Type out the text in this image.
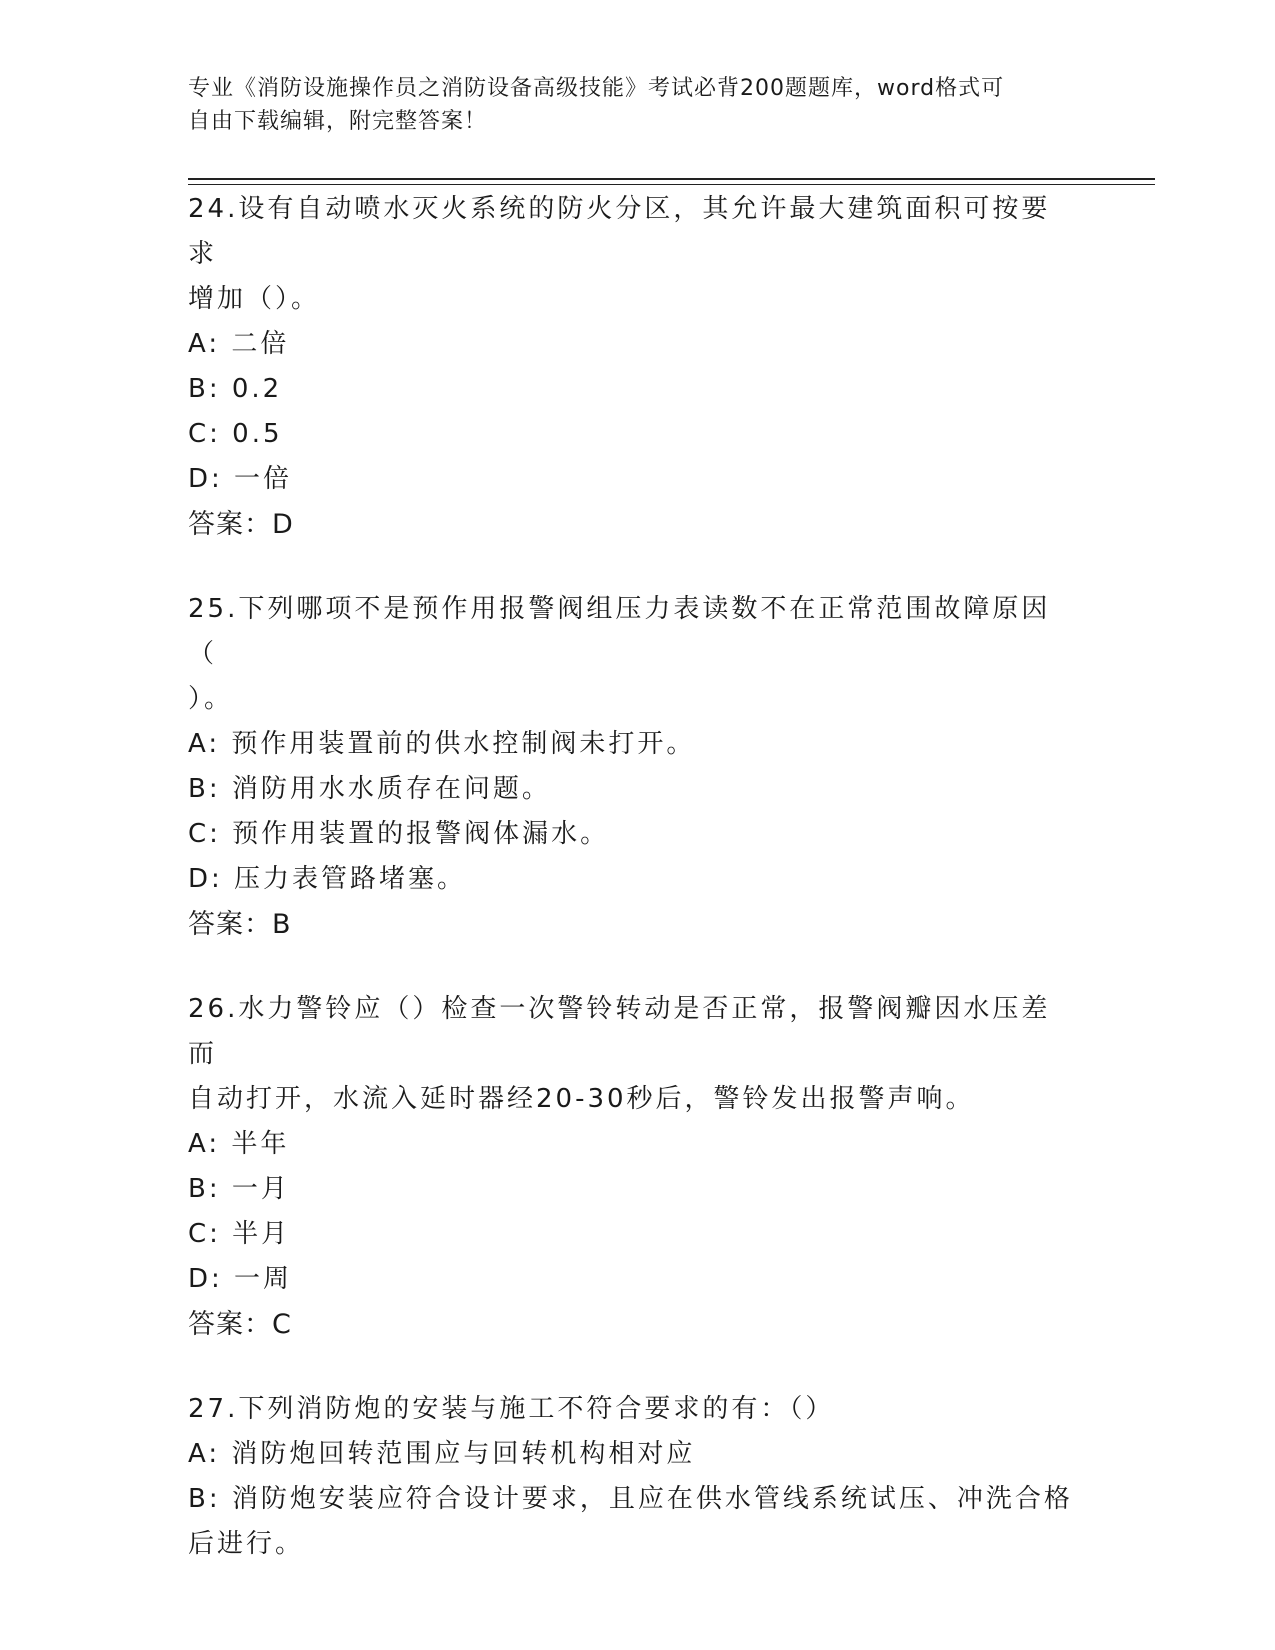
专业《消防设施操作员之消防设备高级技能》考试必背200题题库，word格式可
自由下载编辑，附完整答案！
24.设有自动喷水灭火系统的防火分区，其允许最大建筑面积可按要求
增加（）。
A: 二倍
B: 0.2
C: 0.5
D: 一倍
答案：D
25.下列哪项不是预作用报警阀组压力表读数不在正常范围故障原因（
）。
A: 预作用装置前的供水控制阀未打开。
B: 消防用水水质存在问题。
C: 预作用装置的报警阀体漏水。
D: 压力表管路堵塞。
答案：B
26.水力警铃应（）检查一次警铃转动是否正常，报警阀瓣因水压差而
自动打开，水流入延时器经20-30秒后，警铃发出报警声响。
A: 半年
B: 一月
C: 半月
D: 一周
答案：C
27.下列消防炮的安装与施工不符合要求的有：（）
A: 消防炮回转范围应与回转机构相对应
B: 消防炮安装应符合设计要求，且应在供水管线系统试压、冲洗合格
后进行。
